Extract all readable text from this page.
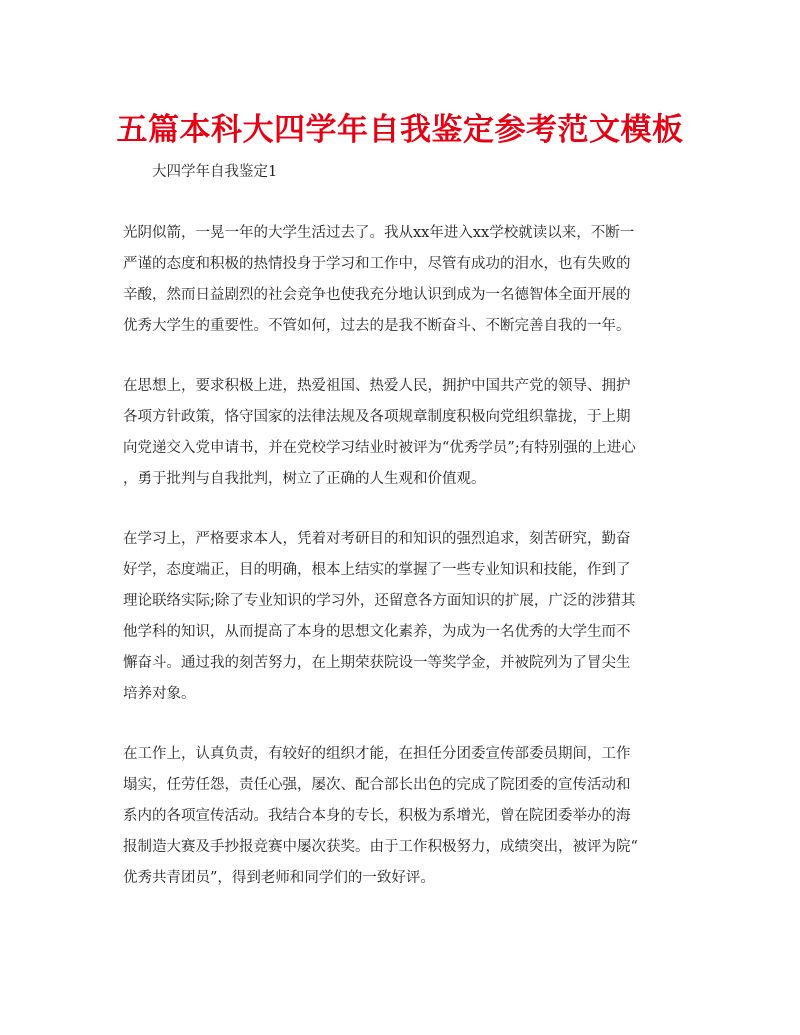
五篇本科大四学年自我鉴定参考范文模板

大四学年自我鉴定1

光阴似箭，一晃一年的大学生活过去了。我从xx年进入xx学校就读以来，不断一
严谨的态度和积极的热情投身于学习和工作中，尽管有成功的泪水，也有失败的
辛酸，然而日益剧烈的社会竞争也使我充分地认识到成为一名德智体全面开展的
优秀大学生的重要性。不管如何，过去的是我不断奋斗、不断完善自我的一年。
在思想上，要求积极上进，热爱祖国、热爱人民，拥护中国共产党的领导、拥护
各项方针政策，恪守国家的法律法规及各项规章制度积极向党组织靠拢，于上期
向党递交入党申请书，并在党校学习结业时被评为“优秀学员”;有特别强的上进心
，勇于批判与自我批判，树立了正确的人生观和价值观。
在学习上，严格要求本人，凭着对考研目的和知识的强烈追求，刻苦研究，勤奋
好学，态度端正，目的明确，根本上结实的掌握了一些专业知识和技能，作到了
理论联络实际;除了专业知识的学习外，还留意各方面知识的扩展，广泛的涉猎其
他学科的知识，从而提高了本身的思想文化素养，为成为一名优秀的大学生而不
懈奋斗。通过我的刻苦努力，在上期荣获院设一等奖学金，并被院列为了冒尖生
培养对象。
在工作上，认真负责，有较好的组织才能，在担任分团委宣传部委员期间，工作
塌实，任劳任怨，责任心强，屡次、配合部长出色的完成了院团委的宣传活动和
系内的各项宣传活动。我结合本身的专长，积极为系增光，曾在院团委举办的海
报制造大赛及手抄报竞赛中屡次获奖。由于工作积极努力，成绩突出，被评为院“
优秀共青团员”，得到老师和同学们的一致好评。
